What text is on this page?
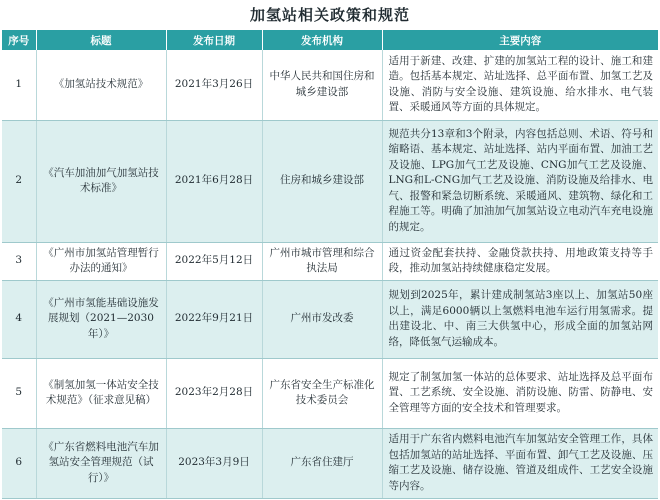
加氢站相关政策和规范
序号	标题	发布日期	发布机构	主要内容
1	《加氢站技术规范》	2021年3月26日	中华人民共和国住房和城乡建设部	适用于新建、改建、扩建的加氢站工程的设计、施工和建造。包括基本规定、站址选择、总平面布置、加氢工艺及设施、消防与安全设施、建筑设施、给水排水、电气装置、采暖通风等方面的具体规定。
2	《汽车加油加气加氢站技术标准》	2021年6月28日	住房和城乡建设部	规范共分13章和3个附录，内容包括总则、术语、符号和缩略语、基本规定、站址选择、站内平面布置、加油工艺及设施、LPG加气工艺及设施、CNG加气工艺及设施、LNG和L-CNG加气工艺及设施、消防设施及给排水、电气、报警和紧急切断系统、采暖通风、建筑物、绿化和工程施工等。明确了加油加气加氢站设立电动汽车充电设施的规定。
3	《广州市加氢站管理暂行办法的通知》	2022年5月12日	广州市城市管理和综合执法局	通过资金配套扶持、金融贷款扶持、用地政策支持等手段，推动加氢站持续健康稳定发展。
4	《广州市氢能基础设施发展规划（2021—2030年）》	2022年9月21日	广州市发改委	规划到2025年，累计建成制氢站3座以上、加氢站50座以上，满足6000辆以上氢燃料电池车运行用氢需求。提出建设北、中、南三大供氢中心，形成全面的加氢站网络，降低氢气运输成本。
5	《制氢加氢一体站安全技术规范》（征求意见稿）	2023年2月28日	广东省安全生产标准化技术委员会	规定了制氢加氢一体站的总体要求、站址选择及总平面布置、工艺系统、安全设施、消防设施、防雷、防静电、安全管理等方面的安全技术和管理要求。
6	《广东省燃料电池汽车加氢站安全管理规范（试行）》	2023年3月9日	广东省住建厅	适用于广东省内燃料电池汽车加氢站安全管理工作，具体包括加氢站的站址选择、平面布置、卸气工艺及设施、压缩工艺及设施、储存设施、管道及组成件、工艺安全设施等内容。
